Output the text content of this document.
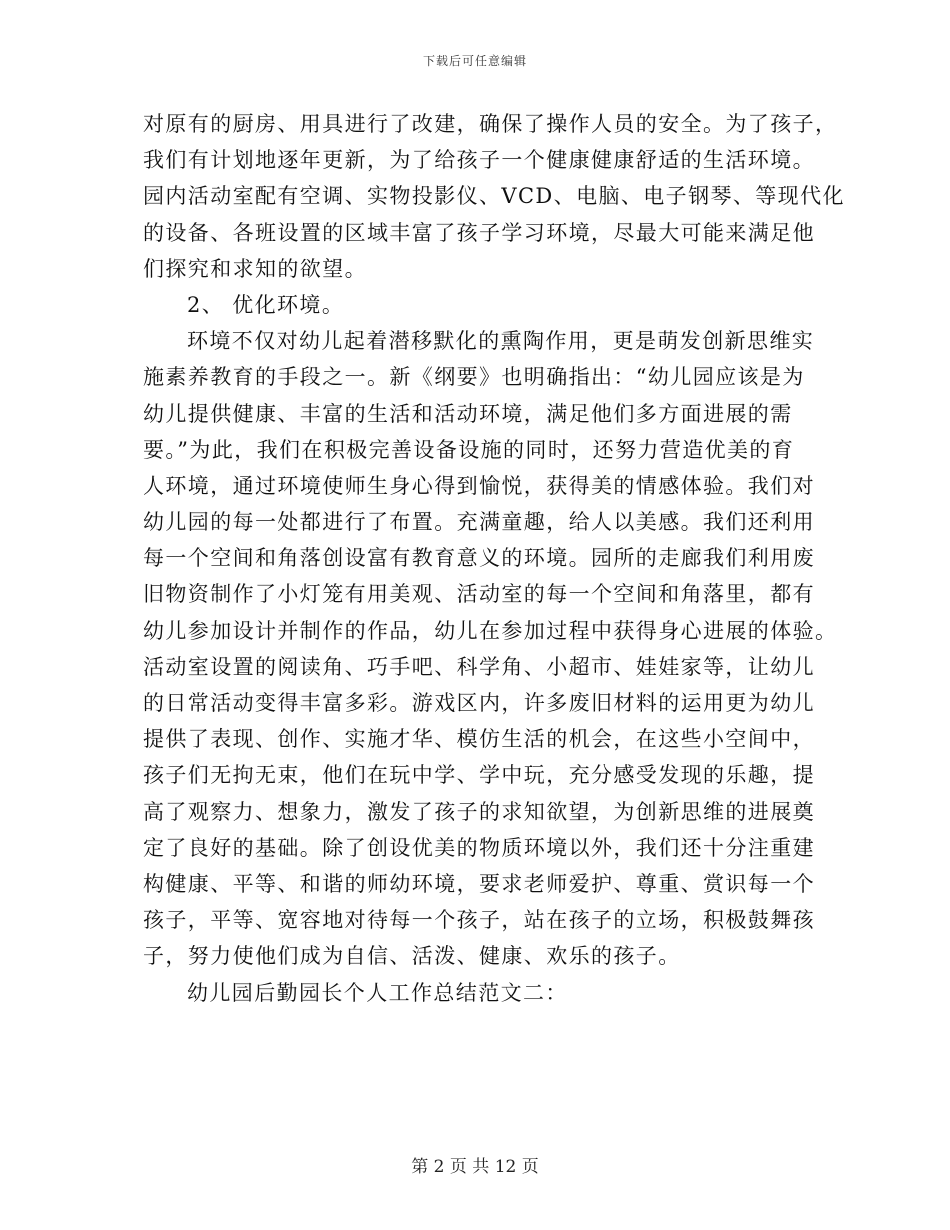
下载后可任意编辑
对原有的厨房、用具进行了改建，确保了操作人员的安全。为了孩子，
我们有计划地逐年更新，为了给孩子一个健康健康舒适的生活环境。
园内活动室配有空调、实物投影仪、VCD、电脑、电子钢琴、等现代化
的设备、各班设置的区域丰富了孩子学习环境，尽最大可能来满足他
们探究和求知的欲望。
2、 优化环境。
环境不仅对幼儿起着潜移默化的熏陶作用，更是萌发创新思维实
施素养教育的手段之一。新《纲要》也明确指出：“幼儿园应该是为
幼儿提供健康、丰富的生活和活动环境，满足他们多方面进展的需
要。”为此，我们在积极完善设备设施的同时，还努力营造优美的育
人环境，通过环境使师生身心得到愉悦，获得美的情感体验。我们对
幼儿园的每一处都进行了布置。充满童趣，给人以美感。我们还利用
每一个空间和角落创设富有教育意义的环境。园所的走廊我们利用废
旧物资制作了小灯笼有用美观、活动室的每一个空间和角落里，都有
幼儿参加设计并制作的作品，幼儿在参加过程中获得身心进展的体验。
活动室设置的阅读角、巧手吧、科学角、小超市、娃娃家等，让幼儿
的日常活动变得丰富多彩。游戏区内，许多废旧材料的运用更为幼儿
提供了表现、创作、实施才华、模仿生活的机会，在这些小空间中，
孩子们无拘无束，他们在玩中学、学中玩，充分感受发现的乐趣，提
高了观察力、想象力，激发了孩子的求知欲望，为创新思维的进展奠
定了良好的基础。除了创设优美的物质环境以外，我们还十分注重建
构健康、平等、和谐的师幼环境，要求老师爱护、尊重、赏识每一个
孩子，平等、宽容地对待每一个孩子，站在孩子的立场，积极鼓舞孩
子，努力使他们成为自信、活泼、健康、欢乐的孩子。
幼儿园后勤园长个人工作总结范文二：
第 2 页 共 12 页
